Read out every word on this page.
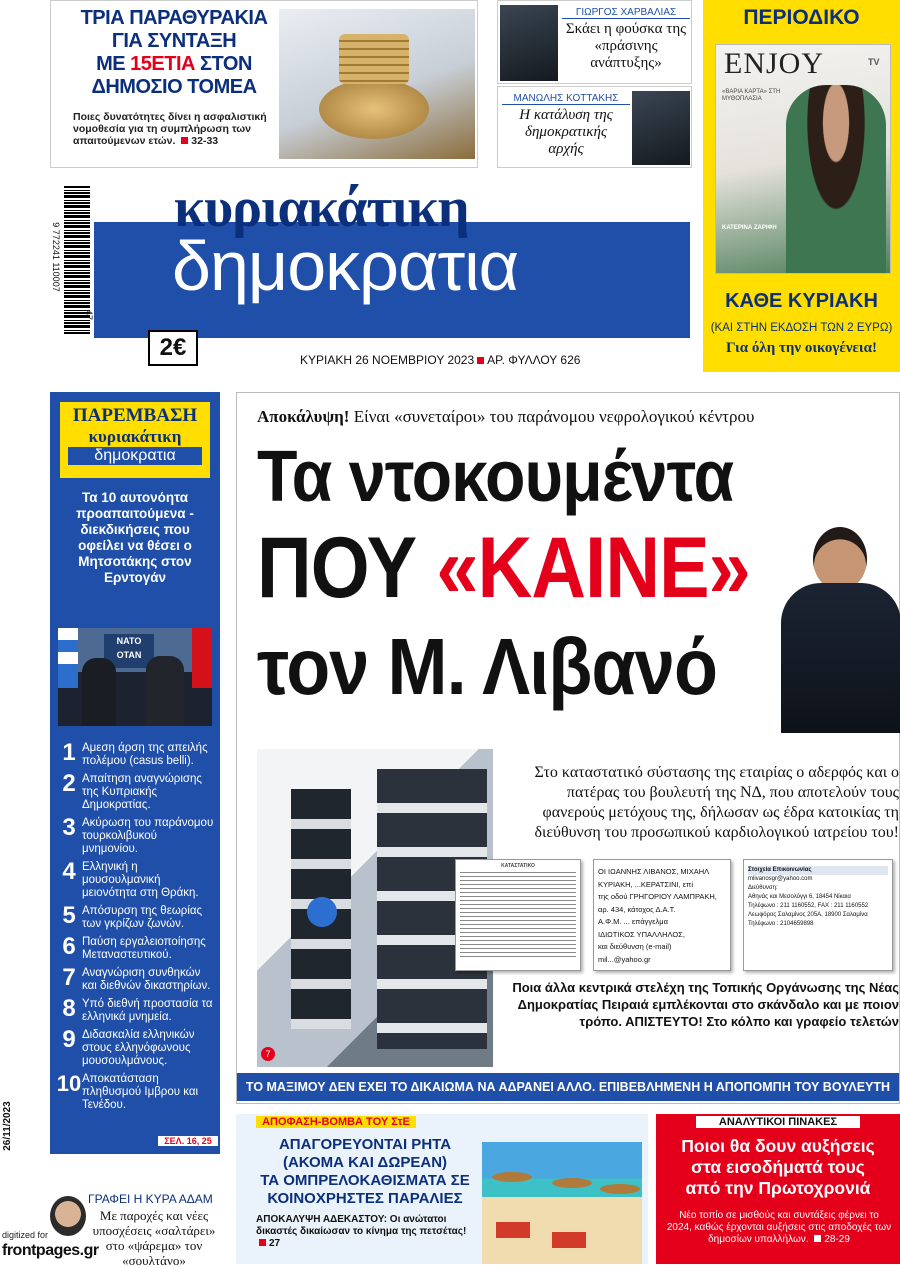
ΤΡΙΑ ΠΑΡΑΘΥΡΑΚΙΑ
ΓΙΑ ΣΥΝΤΑΞΗ
ΜΕ 15ΕΤΙΑ ΣΤΟΝ
ΔΗΜΟΣΙΟ ΤΟΜΕΑ
Ποιες δυνατότητες δίνει η ασφαλιστική νομοθεσία για τη συμπλήρωση των απαιτούμενων ετών. 32-33
ΓΙΩΡΓΟΣ ΧΑΡΒΑΛΙΑΣ
Σκάει η φούσκα της «πράσινης ανάπτυξης»
ΜΑΝΩΛΗΣ ΚΟΤΤΑΚΗΣ
Η κατάλυση της δημοκρατικής αρχής
ΠΕΡΙΟΔΙΚΟ
ENJOY	TV
«ΒΑΡΙΑ ΚΑΡΤΑ» ΣΤΗ ΜΥΘΟΠΛΑΣΙΑ
ΚΑΤΕΡΙΝΑ ΖΑΡΙΦΗ
ΚΑΘΕ ΚΥΡΙΑΚΗ
(ΚΑΙ ΣΤΗΝ ΕΚΔΟΣΗ ΤΩΝ 2 ΕΥΡΩ)
Για όλη την οικογένεια!
9 772241 110007
κυριακάτικη
δημοκρατια
47
2€	ΚΥΡΙΑΚΗ 26 ΝΟΕΜΒΡΙΟΥ 2023 ΑΡ. ΦΥΛΛΟΥ 626
ΠΑΡΕΜΒΑΣΗ
κυριακάτικη
δημοκρατια
Τα 10 αυτονόητα προαπαιτούμενα - διεκδικήσεις που οφείλει να θέσει ο Μητσοτάκης στον Ερντογάν
NATO OTAN
1 Αμεση άρση της απειλής πολέμου (casus belli).
2 Απαίτηση αναγνώρισης της Κυπριακής Δημοκρατίας.
3 Ακύρωση του παράνομου τουρκολιβυκού μνημονίου.
4 Ελληνική η μουσουλμανική μειονότητα στη Θράκη.
5 Απόσυρση της θεωρίας των γκρίζων ζωνών.
6 Παύση εργαλειοποίησης Μεταναστευτικού.
7 Αναγνώριση συνθηκών και διεθνών δικαστηρίων.
8 Υπό διεθνή προστασία τα ελληνικά μνημεία.
9 Διδασκαλία ελληνικών στους ελληνόφωνους μουσουλμάνους.
10 Αποκατάσταση πληθυσμού Ιμβρου και Τενέδου.
ΣΕΛ. 16, 25
Αποκάλυψη! Είναι «συνεταίροι» του παράνομου νεφρολογικού κέντρου
Τα ντοκουμέντα
ΠΟΥ «ΚΑΙΝΕ»
τον Μ. Λιβανό
Στο καταστατικό σύστασης της εταιρίας ο αδερφός και ο πατέρας του βουλευτή της ΝΔ, που αποτελούν τους φανερούς μετόχους της, δήλωσαν ως έδρα κατοικίας τη διεύθυνση του προσωπικού καρδιολογικού ιατρείου του!
7
ΚΑΤΑΣΤΑΤΙΚΟ
ΟΙ ΙΩΑΝΝΗΣ ΛΙΒΑΝΟΣ, ΜΙΧΑΗΛ
ΚΥΡΙΑΚΗ, ...ΚΕΡΑΤΣΙΝΙ, επί
της οδού ΓΡΗΓΟΡΙΟΥ ΛΑΜΠΡΑΚΗ,
αρ. 434, κάτοχος Δ.Α.Τ.
Α.Φ.Μ. ... επάγγελμα
ΙΔΙΩΤΙΚΟΣ ΥΠΑΛΛΗΛΟΣ,
και διεύθυνση (e-mail)
mil...@yahoo.gr
Στοιχεία Επικοινωνίας
mlivanosgr@yahoo.com
Διεύθυνση:
Αθηνάς και Μεσολόγγι 6, 18454 Νίκαια
Τηλέφωνο : 211 1160552, FAX : 211 1160552
Λεωφόρος Σαλαμίνος 205Α, 18900 Σαλαμίνα
Τηλέφωνο : 2104659898
Ποια άλλα κεντρικά στελέχη της Τοπικής Οργάνωσης της Νέας Δημοκρατίας Πειραιά εμπλέκονται στο σκάνδαλο και με ποιον τρόπο. ΑΠΙΣΤΕΥΤΟ! Στο κόλπο και γραφείο τελετών
ΤΟ ΜΑΞΙΜΟΥ ΔΕΝ ΕΧΕΙ ΤΟ ΔΙΚΑΙΩΜΑ ΝΑ ΑΔΡΑΝΕΙ ΑΛΛΟ. ΕΠΙΒΕΒΛΗΜΕΝΗ Η ΑΠΟΠΟΜΠΗ ΤΟΥ ΒΟΥΛΕΥΤΗ
ΓΡΑΦΕΙ Η ΚΥΡΑ ΑΔΑΜ
Με παροχές και νέες υποσχέσεις «σαλτάρει» στο «ψάρεμα» τον «σουλτάνο»
ΑΠΟΦΑΣΗ-ΒΟΜΒΑ ΤΟΥ ΣτΕ
ΑΠΑΓΟΡΕΥΟΝΤΑΙ ΡΗΤΑ
(ΑΚΟΜΑ ΚΑΙ ΔΩΡΕΑΝ)
ΤΑ ΟΜΠΡΕΛΟΚΑΘΙΣΜΑΤΑ ΣΕ
ΚΟΙΝΟΧΡΗΣΤΕΣ ΠΑΡΑΛΙΕΣ
ΑΠΟΚΑΛΥΨΗ ΑΔΕΚΑΣΤΟΥ: Οι ανώτατοι δικαστές δικαίωσαν το κίνημα της πετσέτας! 27
ΑΝΑΛΥΤΙΚΟΙ ΠΙΝΑΚΕΣ
Ποιοι θα δουν αυξήσεις
στα εισοδήματά τους
από την Πρωτοχρονιά
Νέο τοπίο σε μισθούς και συντάξεις φέρνει το 2024, καθώς έρχονται αυξήσεις στις αποδοχές των δημοσίων υπαλλήλων. 28-29
26/11/2023
digitized for
frontpages.gr
